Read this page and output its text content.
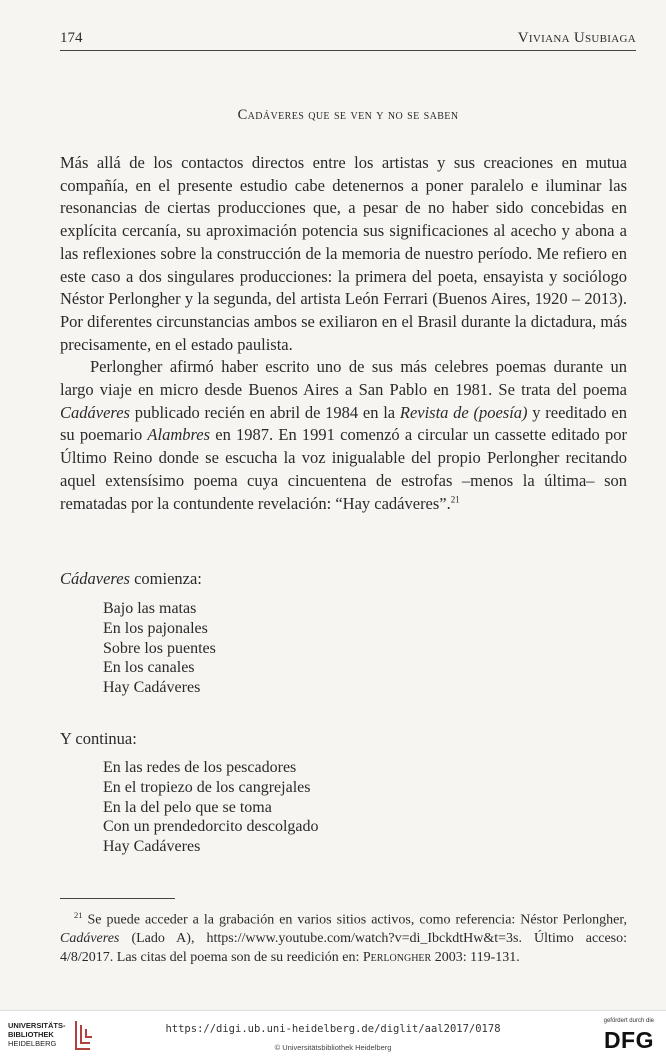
174	Viviana Usubiaga
Cadáveres que se ven y no se saben

Más allá de los contactos directos entre los artistas y sus creaciones en mutua compañía, en el presente estudio cabe detenernos a poner paralelo e iluminar las resonancias de ciertas producciones que, a pesar de no haber sido concebidas en explícita cercanía, su aproximación potencia sus significaciones al acecho y abona a las reflexiones sobre la construcción de la memoria de nuestro período. Me refiero en este caso a dos singulares producciones: la primera del poeta, ensayista y sociólogo Néstor Perlongher y la segunda, del artista León Ferrari (Buenos Aires, 1920 – 2013). Por diferentes circunstancias ambos se exiliaron en el Brasil durante la dictadura, más precisamente, en el estado paulista.

Perlongher afirmó haber escrito uno de sus más celebres poemas durante un largo viaje en micro desde Buenos Aires a San Pablo en 1981. Se trata del poema Cadáveres publicado recién en abril de 1984 en la Revista de (poesía) y reeditado en su poemario Alambres en 1987. En 1991 comenzó a circular un cassette editado por Último Reino donde se escucha la voz inigualable del propio Perlongher recitando aquel extensísimo poema cuya cincuentena de estrofas –menos la última– son rematadas por la contundente revelación: “Hay cadáveres”.$^{21}$

Cádaveres comienza:
Bajo las matas
En los pajonales
Sobre los puentes
En los canales
Hay Cadáveres
Y continua:
En las redes de los pescadores
En el tropiezo de los cangrejales
En la del pelo que se toma
Con un prendedorcito descolgado
Hay Cadáveres
$^{21}$ Se puede acceder a la grabación en varios sitios activos, como referencia: Néstor Perlongher, Cadáveres (Lado A), https://www.youtube.com/watch?v=di_IbckdtHw&t=3s. Último acceso: 4/8/2017. Las citas del poema son de su reedición en: Perlongher 2003: 119-131.
UNIVERSITÄTS-
BIBLIOTHEK
HEIDELBERG
https://digi.ub.uni-heidelberg.de/diglit/aal2017/0178
© Universitätsbibliothek Heidelberg
gefördert durch die
DFG
